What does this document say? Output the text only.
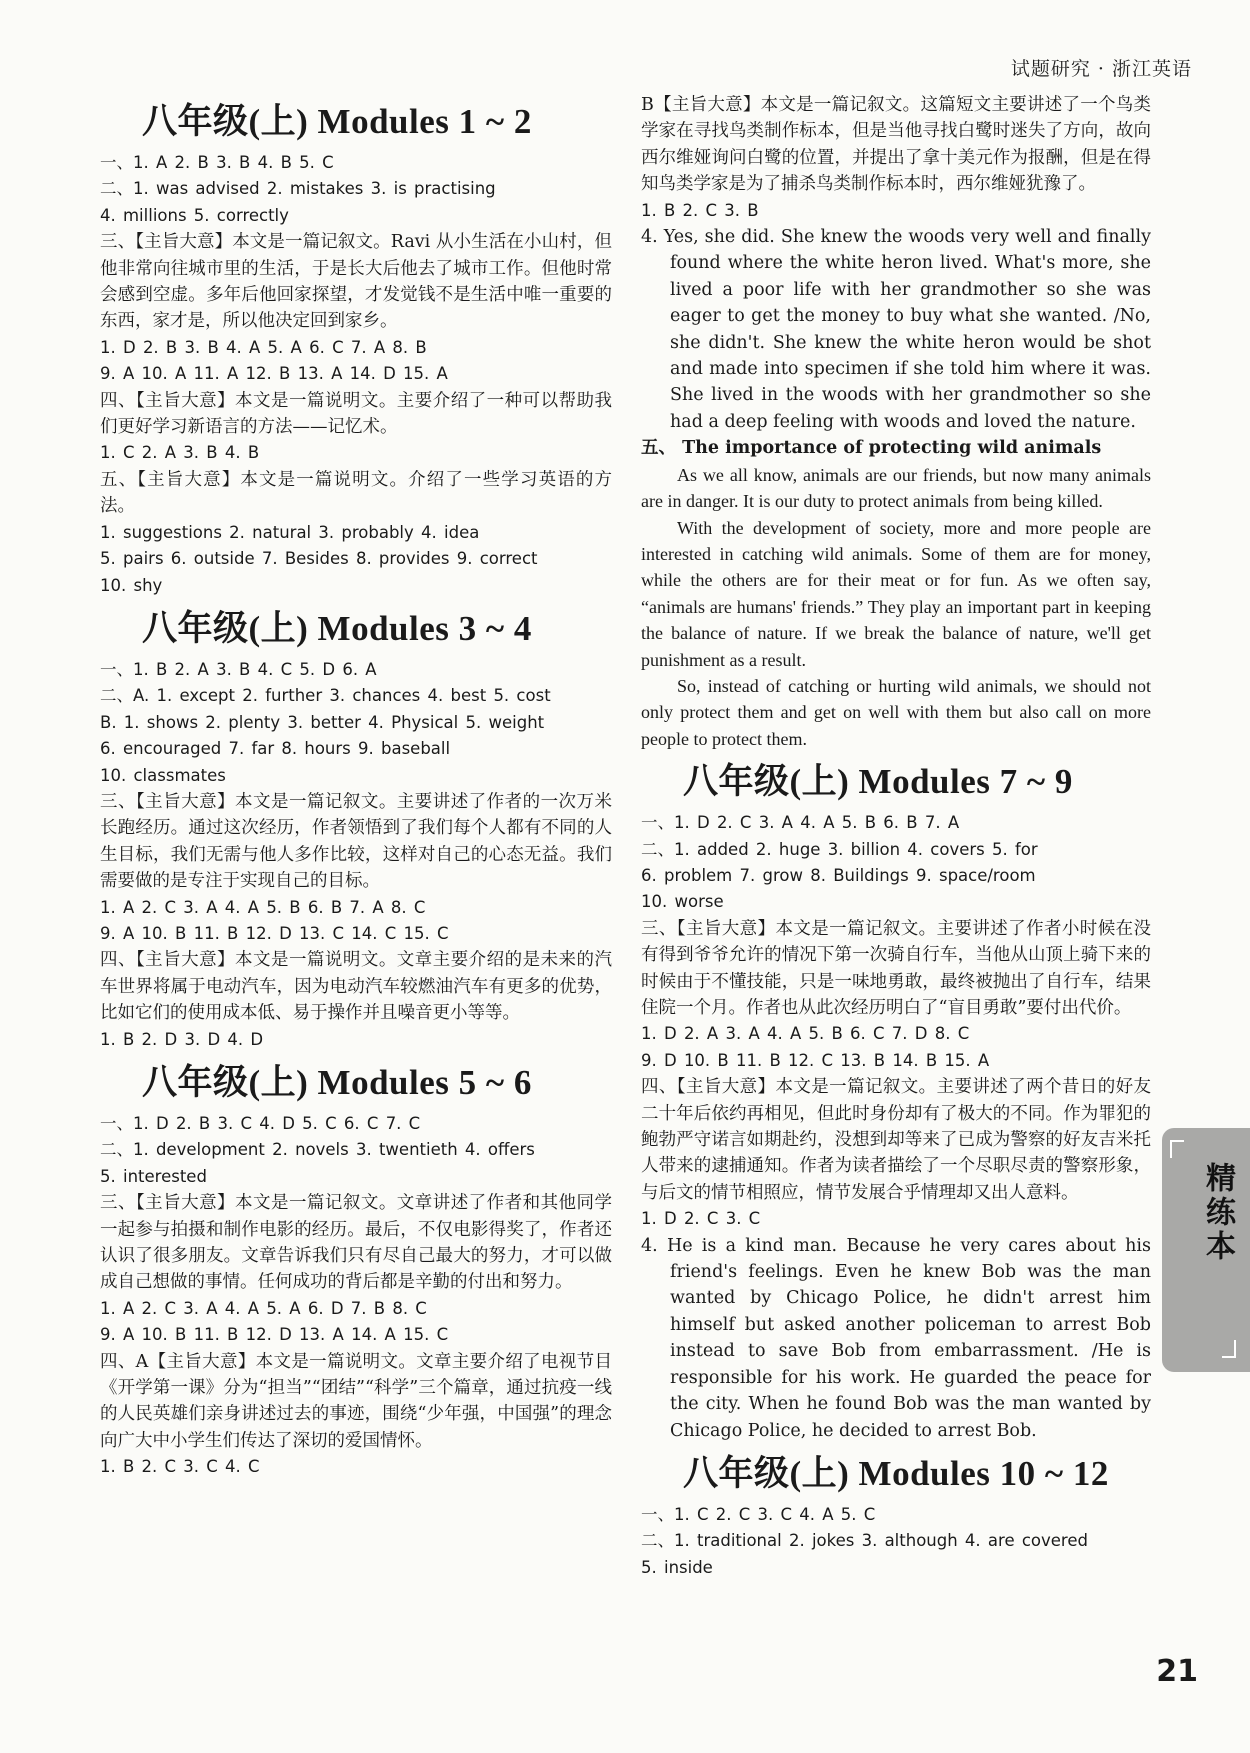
试题研究 · 浙江英语

八年级(上) Modules 1 ~ 2

一、1. A 2. B 3. B 4. B 5. C

二、1. was advised 2. mistakes 3. is practising

4. millions 5. correctly

三、【主旨大意】本文是一篇记叙文。Ravi 从小生活在小山村，但他非常向往城市里的生活，于是长大后他去了城市工作。但他时常会感到空虚。多年后他回家探望，才发觉钱不是生活中唯一重要的东西，家才是，所以他决定回到家乡。

1. D 2. B 3. B 4. A 5. A 6. C 7. A 8. B

9. A 10. A 11. A 12. B 13. A 14. D 15. A

四、【主旨大意】本文是一篇说明文。主要介绍了一种可以帮助我们更好学习新语言的方法——记忆术。

1. C 2. A 3. B 4. B

五、【主旨大意】本文是一篇说明文。介绍了一些学习英语的方法。

1. suggestions 2. natural 3. probably 4. idea

5. pairs 6. outside 7. Besides 8. provides 9. correct

10. shy

八年级(上) Modules 3 ~ 4

一、1. B 2. A 3. B 4. C 5. D 6. A

二、A. 1. except 2. further 3. chances 4. best 5. cost

B. 1. shows 2. plenty 3. better 4. Physical 5. weight

6. encouraged 7. far 8. hours 9. baseball

10. classmates

三、【主旨大意】本文是一篇记叙文。主要讲述了作者的一次万米长跑经历。通过这次经历，作者领悟到了我们每个人都有不同的人生目标，我们无需与他人多作比较，这样对自己的心态无益。我们需要做的是专注于实现自己的目标。

1. A 2. C 3. A 4. A 5. B 6. B 7. A 8. C

9. A 10. B 11. B 12. D 13. C 14. C 15. C

四、【主旨大意】本文是一篇说明文。文章主要介绍的是未来的汽车世界将属于电动汽车，因为电动汽车较燃油汽车有更多的优势，比如它们的使用成本低、易于操作并且噪音更小等等。

1. B 2. D 3. D 4. D

八年级(上) Modules 5 ~ 6

一、1. D 2. B 3. C 4. D 5. C 6. C 7. C

二、1. development 2. novels 3. twentieth 4. offers

5. interested

三、【主旨大意】本文是一篇记叙文。文章讲述了作者和其他同学一起参与拍摄和制作电影的经历。最后，不仅电影得奖了，作者还认识了很多朋友。文章告诉我们只有尽自己最大的努力，才可以做成自己想做的事情。任何成功的背后都是辛勤的付出和努力。

1. A 2. C 3. A 4. A 5. A 6. D 7. B 8. C

9. A 10. B 11. B 12. D 13. A 14. A 15. C

四、A【主旨大意】本文是一篇说明文。文章主要介绍了电视节目《开学第一课》分为“担当”“团结”“科学”三个篇章，通过抗疫一线的人民英雄们亲身讲述过去的事迹，围绕“少年强，中国强”的理念向广大中小学生们传达了深切的爱国情怀。

1. B 2. C 3. C 4. C

B【主旨大意】本文是一篇记叙文。这篇短文主要讲述了一个鸟类学家在寻找鸟类制作标本，但是当他寻找白鹭时迷失了方向，故向西尔维娅询问白鹭的位置，并提出了拿十美元作为报酬，但是在得知鸟类学家是为了捕杀鸟类制作标本时，西尔维娅犹豫了。

1. B 2. C 3. B

4. Yes, she did. She knew the woods very well and finally found where the white heron lived. What's more, she lived a poor life with her grandmother so she was eager to get the money to buy what she wanted. /No, she didn't. She knew the white heron would be shot and made into specimen if she told him where it was. She lived in the woods with her grandmother so she had a deep feeling with woods and loved the nature.

五、 The importance of protecting wild animals

As we all know, animals are our friends, but now many animals are in danger. It is our duty to protect animals from being killed.

With the development of society, more and more people are interested in catching wild animals. Some of them are for money, while the others are for their meat or for fun. As we often say, “animals are humans' friends.” They play an important part in keeping the balance of nature. If we break the balance of nature, we'll get punishment as a result.

So, instead of catching or hurting wild animals, we should not only protect them and get on well with them but also call on more people to protect them.

八年级(上) Modules 7 ~ 9

一、1. D 2. C 3. A 4. A 5. B 6. B 7. A

二、1. added 2. huge 3. billion 4. covers 5. for

6. problem 7. grow 8. Buildings 9. space/room

10. worse

三、【主旨大意】本文是一篇记叙文。主要讲述了作者小时候在没有得到爷爷允许的情况下第一次骑自行车，当他从山顶上骑下来的时候由于不懂技能，只是一味地勇敢，最终被抛出了自行车，结果住院一个月。作者也从此次经历明白了“盲目勇敢”要付出代价。

1. D 2. A 3. A 4. A 5. B 6. C 7. D 8. C

9. D 10. B 11. B 12. C 13. B 14. B 15. A

四、【主旨大意】本文是一篇记叙文。主要讲述了两个昔日的好友二十年后依约再相见，但此时身份却有了极大的不同。作为罪犯的鲍勃严守诺言如期赴约，没想到却等来了已成为警察的好友吉米托人带来的逮捕通知。作者为读者描绘了一个尽职尽责的警察形象，与后文的情节相照应，情节发展合乎情理却又出人意料。

1. D 2. C 3. C

4. He is a kind man. Because he very cares about his friend's feelings. Even he knew Bob was the man wanted by Chicago Police, he didn't arrest him himself but asked another policeman to arrest Bob instead to save Bob from embarrassment. /He is responsible for his work. He guarded the peace for the city. When he found Bob was the man wanted by Chicago Police, he decided to arrest Bob.

八年级(上) Modules 10 ~ 12

一、1. C 2. C 3. C 4. A 5. C

二、1. traditional 2. jokes 3. although 4. are covered

5. inside

精练本
21
